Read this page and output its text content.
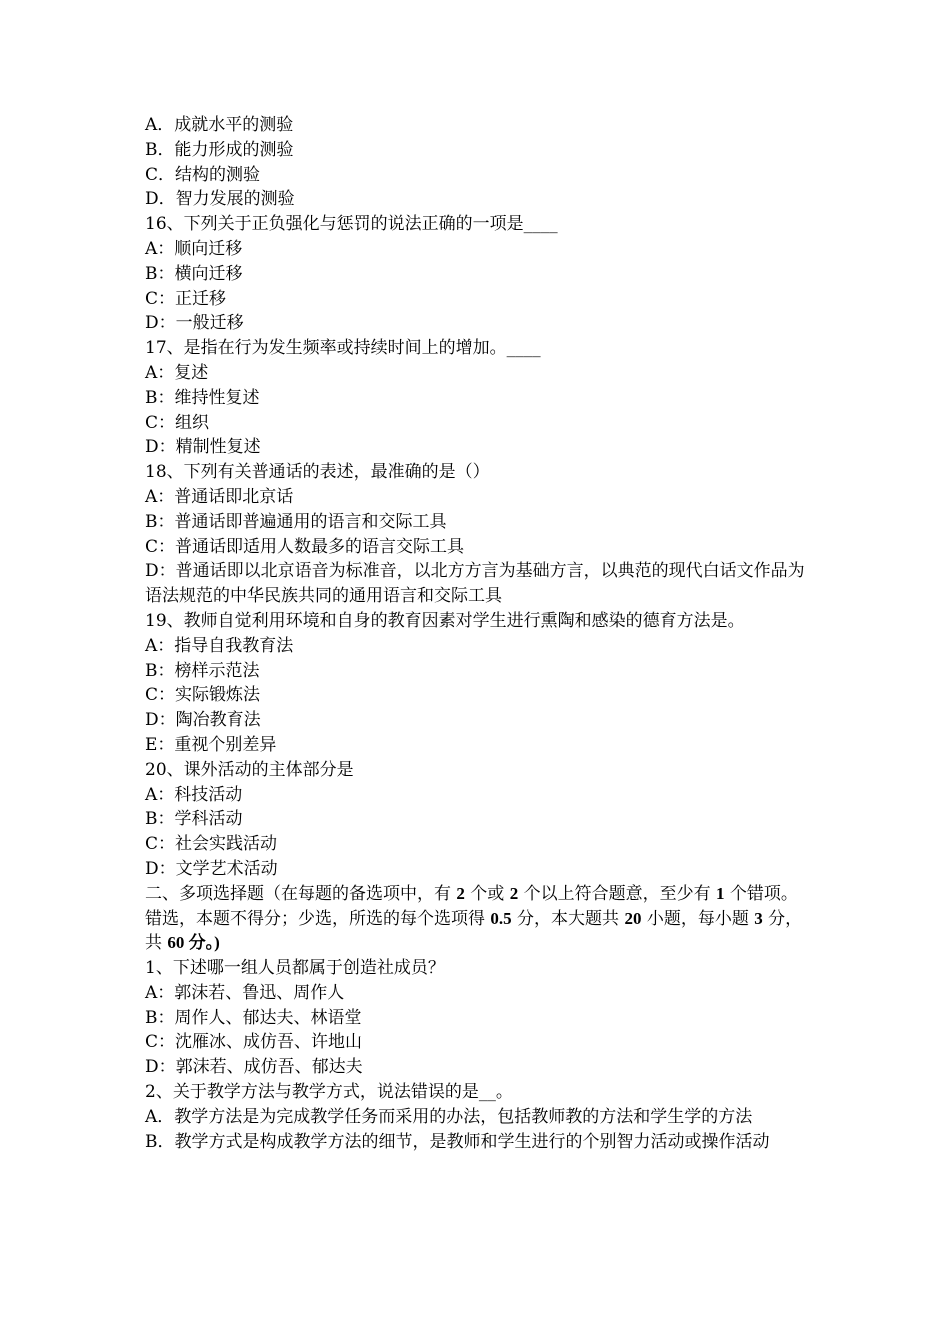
A．成就水平的测验

B．能力形成的测验

C．结构的测验

D．智力发展的测验

16、下列关于正负强化与惩罚的说法正确的一项是____

A：顺向迁移

B：横向迁移

C：正迁移

D：一般迁移

17、是指在行为发生频率或持续时间上的增加。____

A：复述

B：维持性复述

C：组织

D：精制性复述

18、下列有关普通话的表述，最准确的是（）

A：普通话即北京话

B：普通话即普遍通用的语言和交际工具

C：普通话即适用人数最多的语言交际工具

D：普通话即以北京语音为标准音，以北方方言为基础方言，以典范的现代白话文作品为语法规范的中华民族共同的通用语言和交际工具

19、教师自觉利用环境和自身的教育因素对学生进行熏陶和感染的德育方法是。

A：指导自我教育法

B：榜样示范法

C：实际锻炼法

D：陶冶教育法

E：重视个别差异

20、课外活动的主体部分是

A：科技活动

B：学科活动

C：社会实践活动

D：文学艺术活动

二、多项选择题（在每题的备选项中，有 2 个或 2 个以上符合题意，至少有 1 个错项。错选，本题不得分；少选，所选的每个选项得 0.5 分，本大题共 20 小题，每小题 3 分，共 60 分。)

1、下述哪一组人员都属于创造社成员？

A：郭沫若、鲁迅、周作人

B：周作人、郁达夫、林语堂

C：沈雁冰、成仿吾、许地山

D：郭沫若、成仿吾、郁达夫

2、关于教学方法与教学方式，说法错误的是__。

A．教学方法是为完成教学任务而采用的办法，包括教师教的方法和学生学的方法

B．教学方式是构成教学方法的细节，是教师和学生进行的个别智力活动或操作活动
